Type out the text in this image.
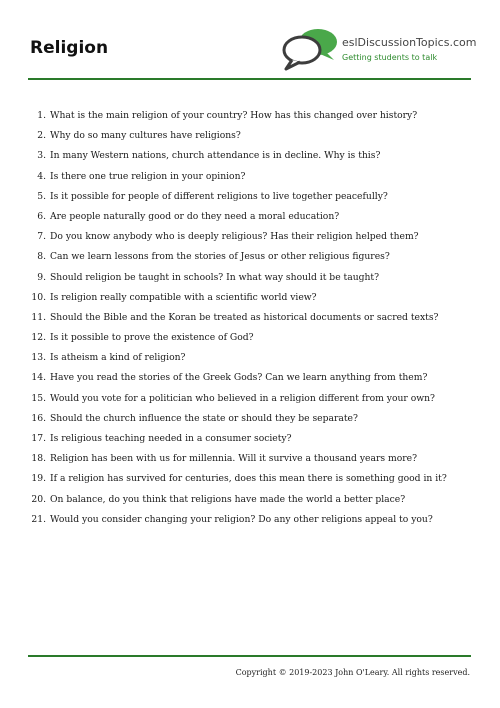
Religion	eslDiscussionTopics.com
Getting students to talk
1. What is the main religion of your country? How has this changed over history?
2. Why do so many cultures have religions?
3. In many Western nations, church attendance is in decline. Why is this?
4. Is there one true religion in your opinion?
5. Is it possible for people of different religions to live together peacefully?
6. Are people naturally good or do they need a moral education?
7. Do you know anybody who is deeply religious? Has their religion helped them?
8. Can we learn lessons from the stories of Jesus or other religious figures?
9. Should religion be taught in schools? In what way should it be taught?
10. Is religion really compatible with a scientific world view?
11. Should the Bible and the Koran be treated as historical documents or sacred texts?
12. Is it possible to prove the existence of God?
13. Is atheism a kind of religion?
14. Have you read the stories of the Greek Gods? Can we learn anything from them?
15. Would you vote for a politician who believed in a religion different from your own?
16. Should the church influence the state or should they be separate?
17. Is religious teaching needed in a consumer society?
18. Religion has been with us for millennia. Will it survive a thousand years more?
19. If a religion has survived for centuries, does this mean there is something good in it?
20. On balance, do you think that religions have made the world a better place?
21. Would you consider changing your religion? Do any other religions appeal to you?
Copyright © 2019-2023 John O'Leary. All rights reserved.
